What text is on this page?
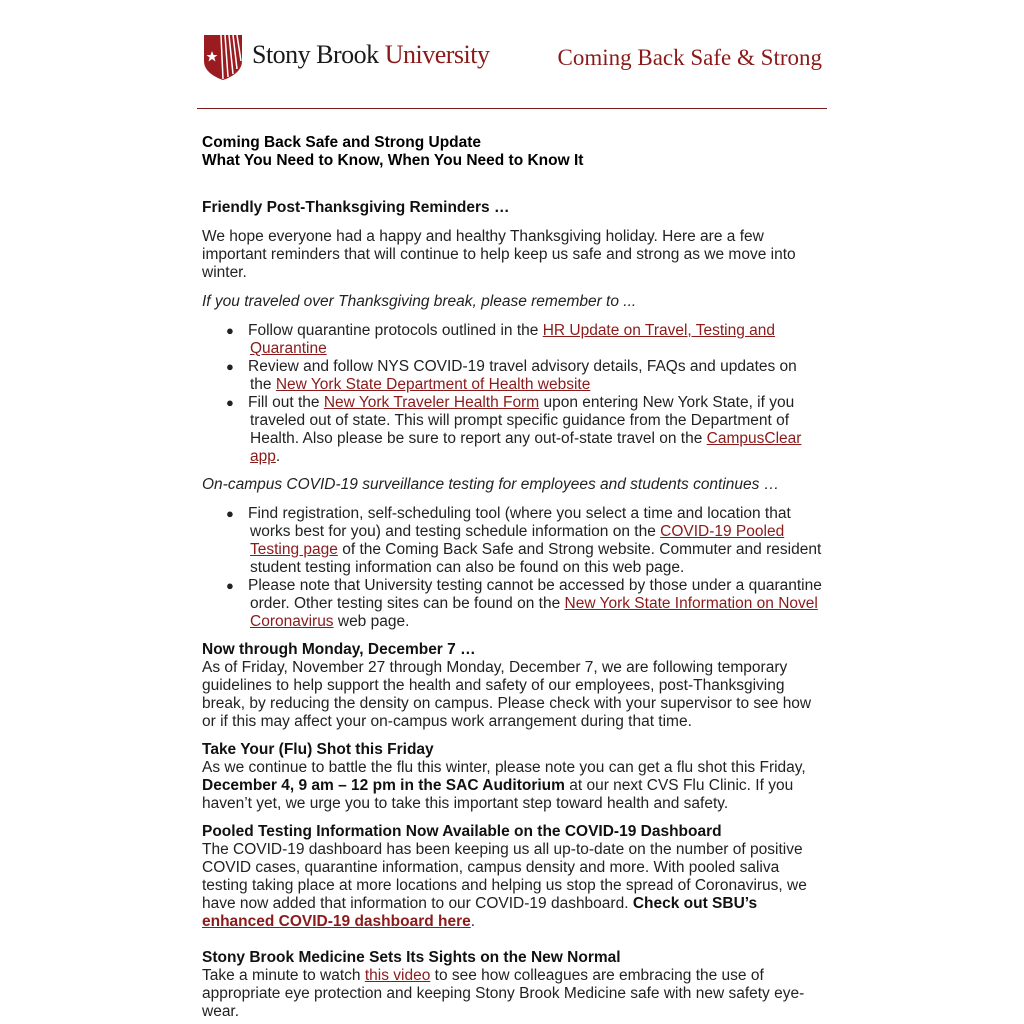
Stony Brook University	Coming Back Safe & Strong
Coming Back Safe and Strong Update
What You Need to Know, When You Need to Know It
Friendly Post-Thanksgiving Reminders …

We hope everyone had a happy and healthy Thanksgiving holiday. Here are a few important reminders that will continue to help keep us safe and strong as we move into winter.

If you traveled over Thanksgiving break, please remember to ...

● Follow quarantine protocols outlined in the HR Update on Travel, Testing and Quarantine
● Review and follow NYS COVID-19 travel advisory details, FAQs and updates on the New York State Department of Health website
● Fill out the New York Traveler Health Form upon entering New York State, if you traveled out of state. This will prompt specific guidance from the Department of Health. Also please be sure to report any out-of-state travel on the CampusClear app.

On-campus COVID-19 surveillance testing for employees and students continues …

● Find registration, self-scheduling tool (where you select a time and location that works best for you) and testing schedule information on the COVID-19 Pooled Testing page of the Coming Back Safe and Strong website. Commuter and resident student testing information can also be found on this web page.
● Please note that University testing cannot be accessed by those under a quarantine order. Other testing sites can be found on the New York State Information on Novel Coronavirus web page.
Now through Monday, December 7 …

As of Friday, November 27 through Monday, December 7, we are following temporary guidelines to help support the health and safety of our employees, post-Thanksgiving break, by reducing the density on campus. Please check with your supervisor to see how or if this may affect your on-campus work arrangement during that time.

Take Your (Flu) Shot this Friday

As we continue to battle the flu this winter, please note you can get a flu shot this Friday, December 4, 9 am – 12 pm in the SAC Auditorium at our next CVS Flu Clinic. If you haven’t yet, we urge you to take this important step toward health and safety.

Pooled Testing Information Now Available on the COVID-19 Dashboard

The COVID-19 dashboard has been keeping us all up-to-date on the number of positive COVID cases, quarantine information, campus density and more. With pooled saliva testing taking place at more locations and helping us stop the spread of Coronavirus, we have now added that information to our COVID-19 dashboard. Check out SBU’s enhanced COVID-19 dashboard here.

Stony Brook Medicine Sets Its Sights on the New Normal

Take a minute to watch this video to see how colleagues are embracing the use of appropriate eye protection and keeping Stony Brook Medicine safe with new safety eye-wear.
